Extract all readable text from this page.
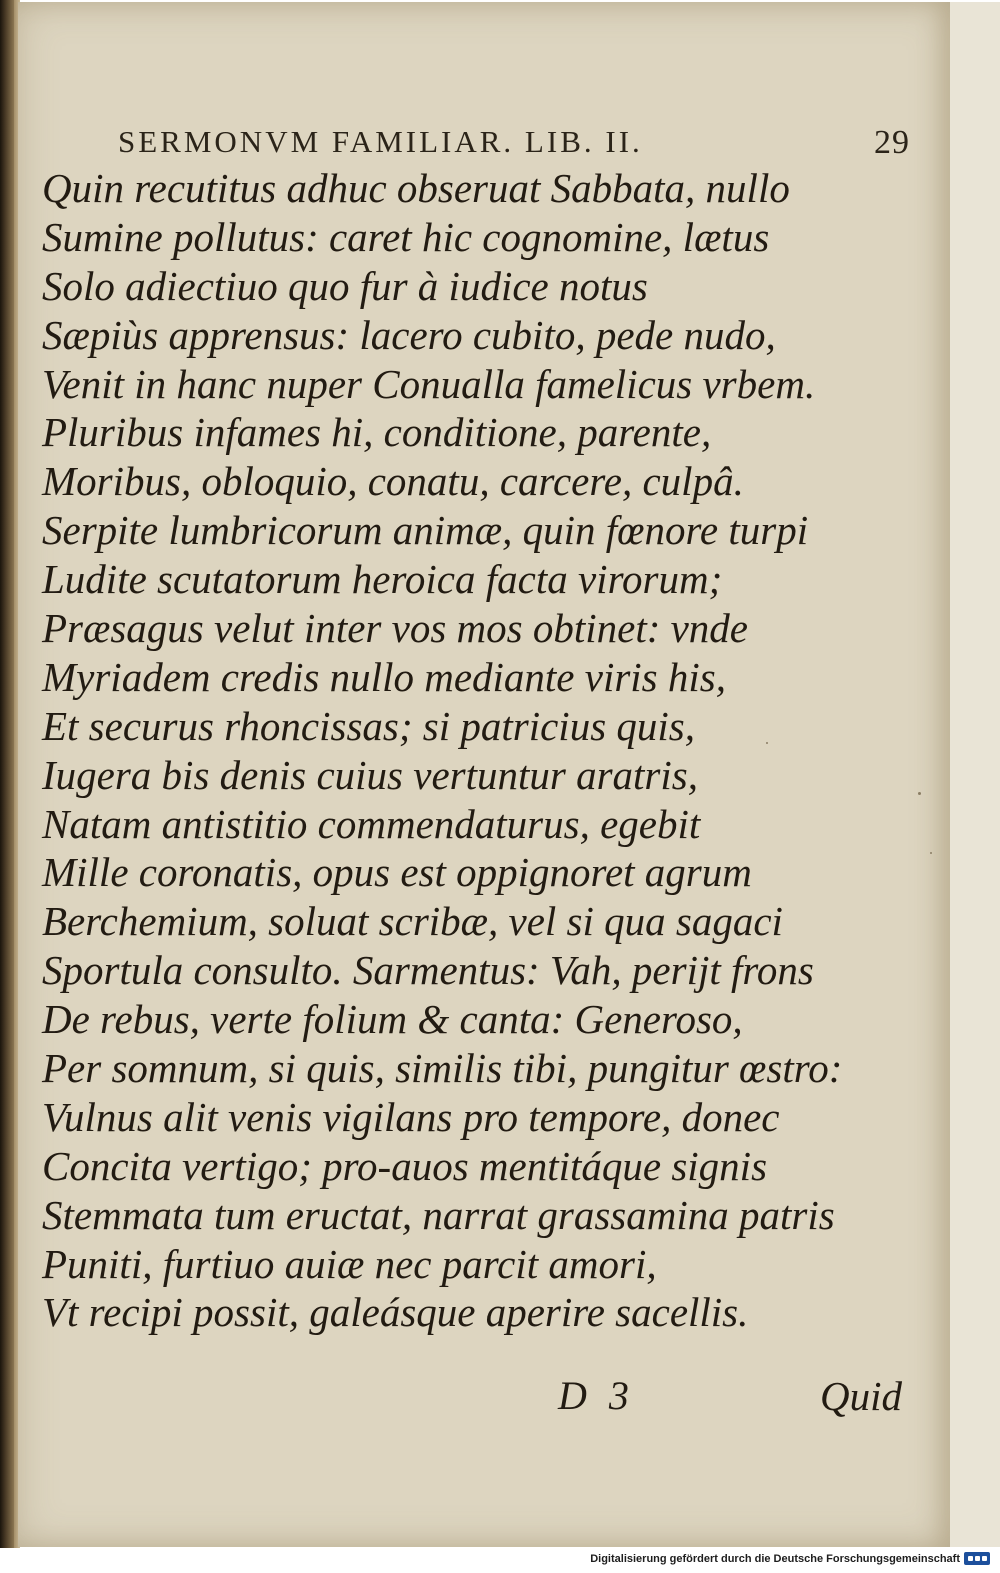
SERMONVM FAMILIAR. LIB. II.	29
Quin recutitus adhuc obseruat Sabbata, nullo
Sumine pollutus: caret hic cognomine, lætus
Solo adiectiuo quo fur à iudice notus
Sæpiùs apprensus: lacero cubito, pede nudo,
Venit in hanc nuper Conualla famelicus vrbem.
Pluribus infames hi, conditione, parente,
Moribus, obloquio, conatu, carcere, culpâ.
Serpite lumbricorum animæ, quin fœnore turpi
Ludite scutatorum heroica facta virorum;
Præsagus velut inter vos mos obtinet: vnde
Myriadem credis nullo mediante viris his,
Et securus rhoncissas; si patricius quis,
Iugera bis denis cuius vertuntur aratris,
Natam antistitio commendaturus, egebit
Mille coronatis, opus est oppignoret agrum
Berchemium, soluat scribæ, vel si qua sagaci
Sportula consulto. Sarmentus: Vah, perijt frons
De rebus, verte folium & canta: Generoso,
Per somnum, si quis, similis tibi, pungitur œstro:
Vulnus alit venis vigilans pro tempore, donec
Concita vertigo; pro-auos mentitáque signis
Stemmata tum eructat, narrat grassamina patris
Puniti, furtiuo auiæ nec parcit amori,
Vt recipi possit, galeásque aperire sacellis.
D 3	Quid
Digitalisierung gefördert durch die Deutsche Forschungsgemeinschaft
